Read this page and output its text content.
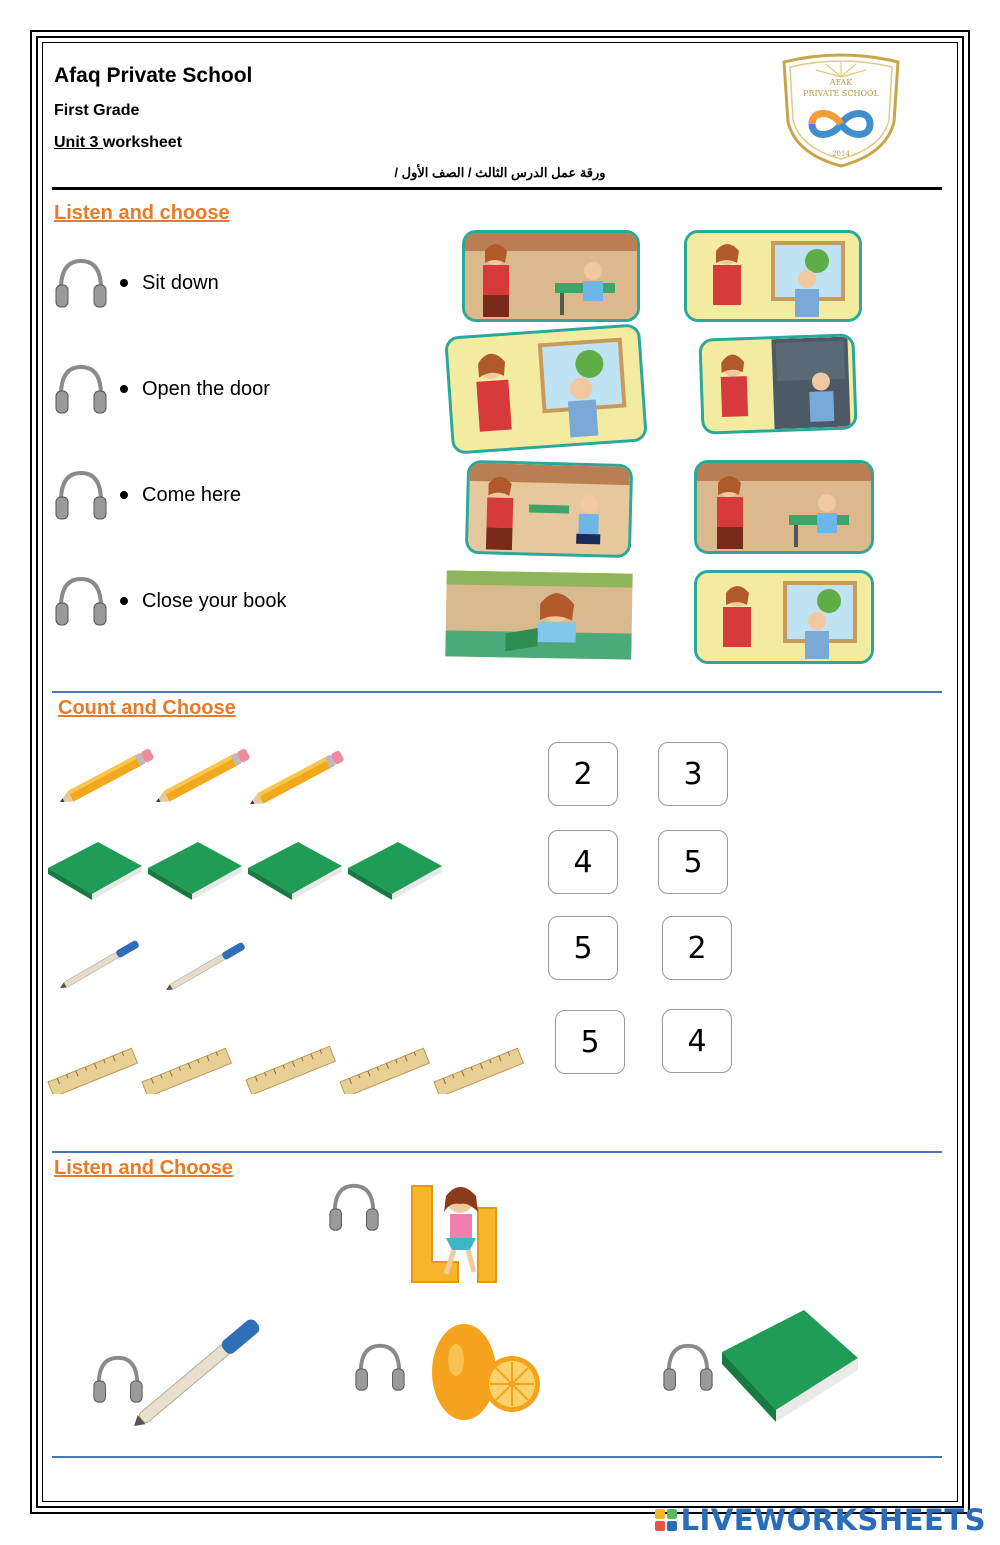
Afaq Private School
First Grade
Unit 3 worksheet
ورقة عمل الدرس الثالث / الصف الأول /
AFAK
PRIVATE SCHOOL
2014
Listen and choose
Sit down
Open the door
Come here
Close your book
Count and Choose
2	3
4	5
5	2
5	4
Listen and Choose
LIVEWORKSHEETS
